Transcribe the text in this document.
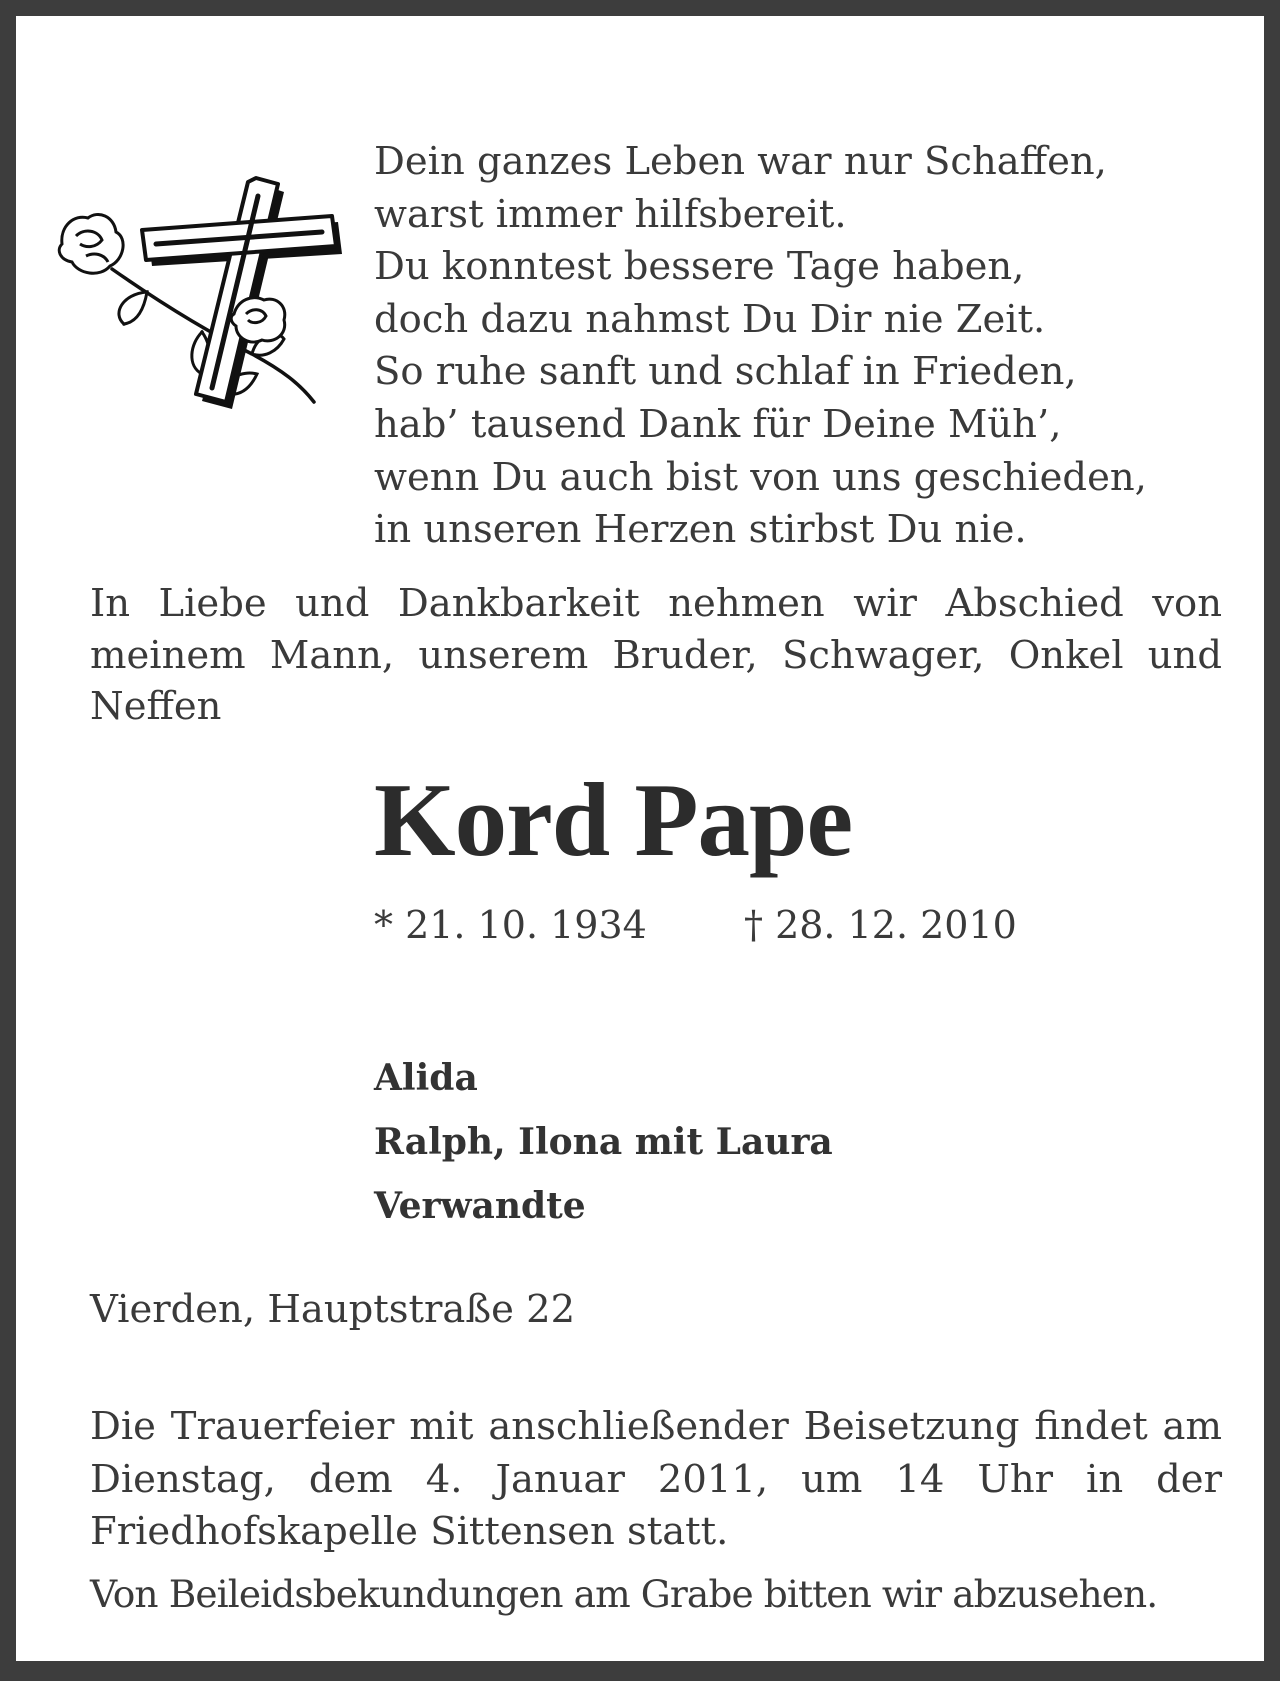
Dein ganzes Leben war nur Schaffen,
warst immer hilfsbereit.
Du konntest bessere Tage haben,
doch dazu nahmst Du Dir nie Zeit.
So ruhe sanft und schlaf in Frieden,
hab’ tausend Dank für Deine Müh’,
wenn Du auch bist von uns geschieden,
in unseren Herzen stirbst Du nie.

In Liebe und Dankbarkeit nehmen wir Abschied von meinem Mann, unserem Bruder, Schwager, Onkel und Neffen

Kord Pape
* 21. 10. 1934	† 28. 12. 2010
Alida
Ralph, Ilona mit Laura
Verwandte
Vierden, Hauptstraße 22

Die Trauerfeier mit anschließender Beisetzung findet am Dienstag, dem 4. Januar 2011, um 14 Uhr in der Friedhofskapelle Sittensen statt.

Von Beileidsbekundungen am Grabe bitten wir abzusehen.
